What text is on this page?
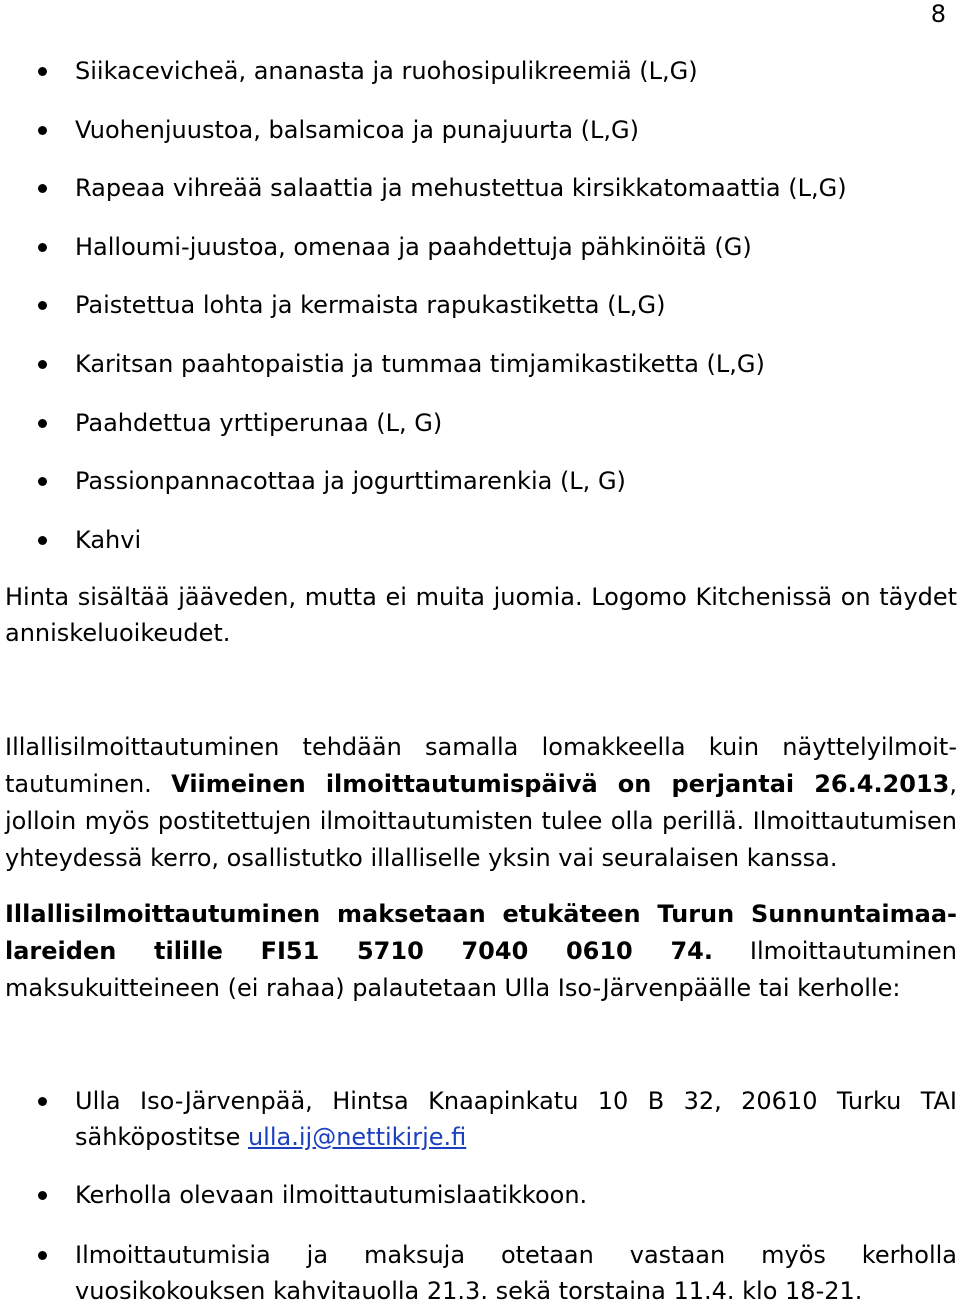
8
Siikacevicheä, ananasta ja ruohosipulikreemiä (L,G)
Vuohenjuustoa, balsamicoa ja punajuurta (L,G)
Rapeaa vihreää salaattia ja mehustettua kirsikkatomaattia (L,G)
Halloumi-juustoa, omenaa ja paahdettuja pähkinöitä (G)
Paistettua lohta ja kermaista rapukastiketta (L,G)
Karitsan paahtopaistia ja tummaa timjamikastiketta (L,G)
Paahdettua yrttiperunaa (L, G)
Passionpannacottaa ja jogurttimarenkia (L, G)
Kahvi

Hinta sisältää jääveden, mutta ei muita juomia. Logomo Kitchenissä on täydet anniskeluoikeudet.

Illallisilmoittautuminen tehdään samalla lomakkeella kuin näyttelyilmoittautuminen. Viimeinen ilmoittautumispäivä on perjantai 26.4.2013, jolloin myös postitettujen ilmoittautumisten tulee olla perillä. Ilmoittautumisen yhteydessä kerro, osallistutko illalliselle yksin vai seuralaisen kanssa.

Illallisilmoittautuminen maksetaan etukäteen Turun Sunnuntaimaalareiden tilille FI51 5710 7040 0610 74. Ilmoittautuminen maksukuitteineen (ei rahaa) palautetaan Ulla Iso-Järvenpäälle tai kerholle:

Ulla Iso-Järvenpää, Hintsa Knaapinkatu 10 B 32, 20610 Turku TAI sähköpostitse ulla.ij@nettikirje.fi
Kerholla olevaan ilmoittautumislaatikkoon.
Ilmoittautumisia ja maksuja otetaan vastaan myös kerholla vuosikokouksen kahvitauolla 21.3. sekä torstaina 11.4. klo 18-21.
